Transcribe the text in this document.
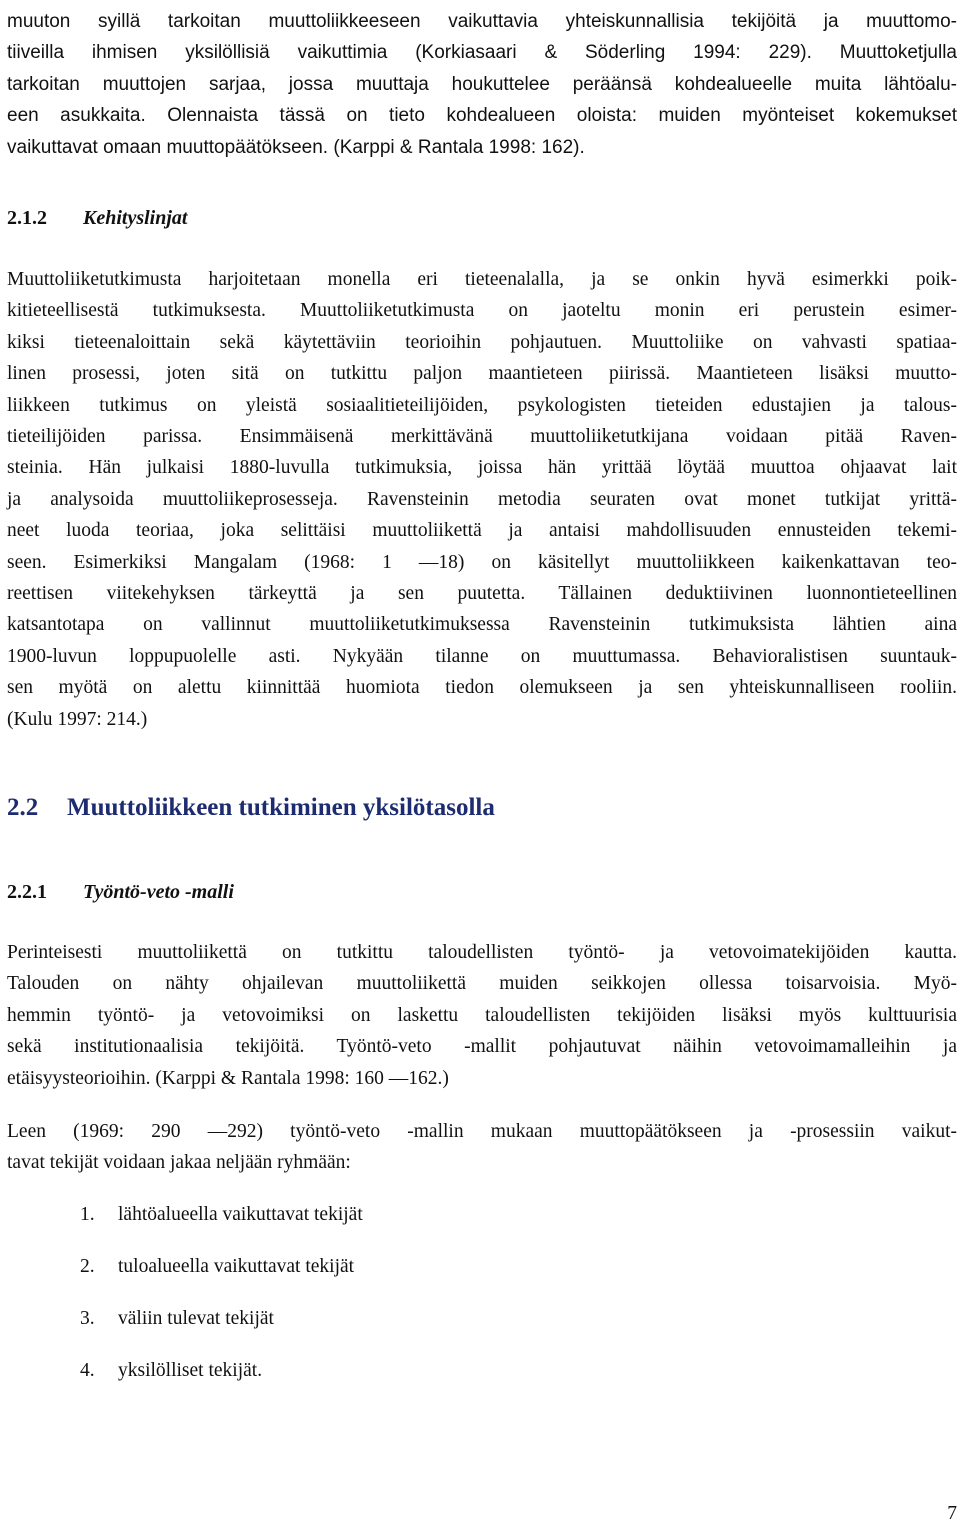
muuton syillä tarkoitan muuttoliikkeeseen vaikuttavia yhteiskunnallisia tekijöitä ja muuttomo-
tiiveilla ihmisen yksilöllisiä vaikuttimia (Korkiasaari & Söderling 1994: 229). Muuttoketjulla
tarkoitan muuttojen sarjaa, jossa muuttaja houkuttelee peräänsä kohdealueelle muita lähtöalu-
een asukkaita. Olennaista tässä on tieto kohdealueen oloista: muiden myönteiset kokemukset
vaikuttavat omaan muuttopäätökseen. (Karppi & Rantala 1998: 162).
2.1.2 Kehityslinjat
Muuttoliiketutkimusta harjoitetaan monella eri tieteenalalla, ja se onkin hyvä esimerkki poik-
kitieteellisestä tutkimuksesta. Muuttoliiketutkimusta on jaoteltu monin eri perustein esimer-
kiksi tieteenaloittain sekä käytettäviin teorioihin pohjautuen. Muuttoliike on vahvasti spatiaa-
linen prosessi, joten sitä on tutkittu paljon maantieteen piirissä. Maantieteen lisäksi muutto-
liikkeen tutkimus on yleistä sosiaalitieteilijöiden, psykologisten tieteiden edustajien ja talous-
tieteilijöiden parissa. Ensimmäisenä merkittävänä muuttoliiketutkijana voidaan pitää Raven-
steinia. Hän julkaisi 1880-luvulla tutkimuksia, joissa hän yrittää löytää muuttoa ohjaavat lait
ja analysoida muuttoliikeprosesseja. Ravensteinin metodia seuraten ovat monet tutkijat yrittä-
neet luoda teoriaa, joka selittäisi muuttoliikettä ja antaisi mahdollisuuden ennusteiden tekemi-
seen. Esimerkiksi Mangalam (1968: 1 —18) on käsitellyt muuttoliikkeen kaikenkattavan teo-
reettisen viitekehyksen tärkeyttä ja sen puutetta. Tällainen deduktiivinen luonnontieteellinen
katsantotapa on vallinnut muuttoliiketutkimuksessa Ravensteinin tutkimuksista lähtien aina
1900-luvun loppupuolelle asti. Nykyään tilanne on muuttumassa. Behavioralistisen suuntauk-
sen myötä on alettu kiinnittää huomiota tiedon olemukseen ja sen yhteiskunnalliseen rooliin.
(Kulu 1997: 214.)
2.2 Muuttoliikkeen tutkiminen yksilötasolla
2.2.1 Työntö-veto -malli
Perinteisesti muuttoliikettä on tutkittu taloudellisten työntö- ja vetovoimatekijöiden kautta.
Talouden on nähty ohjailevan muuttoliikettä muiden seikkojen ollessa toisarvoisia. Myö-
hemmin työntö- ja vetovoimiksi on laskettu taloudellisten tekijöiden lisäksi myös kulttuurisia
sekä institutionaalisia tekijöitä. Työntö-veto -mallit pohjautuvat näihin vetovoimamalleihin ja
etäisyysteorioihin. (Karppi & Rantala 1998: 160 —162.)
Leen (1969: 290 —292) työntö-veto -mallin mukaan muuttopäätökseen ja -prosessiin vaikut-
tavat tekijät voidaan jakaa neljään ryhmään:
1. lähtöalueella vaikuttavat tekijät
2. tuloalueella vaikuttavat tekijät
3. väliin tulevat tekijät
4. yksilölliset tekijät.
7
